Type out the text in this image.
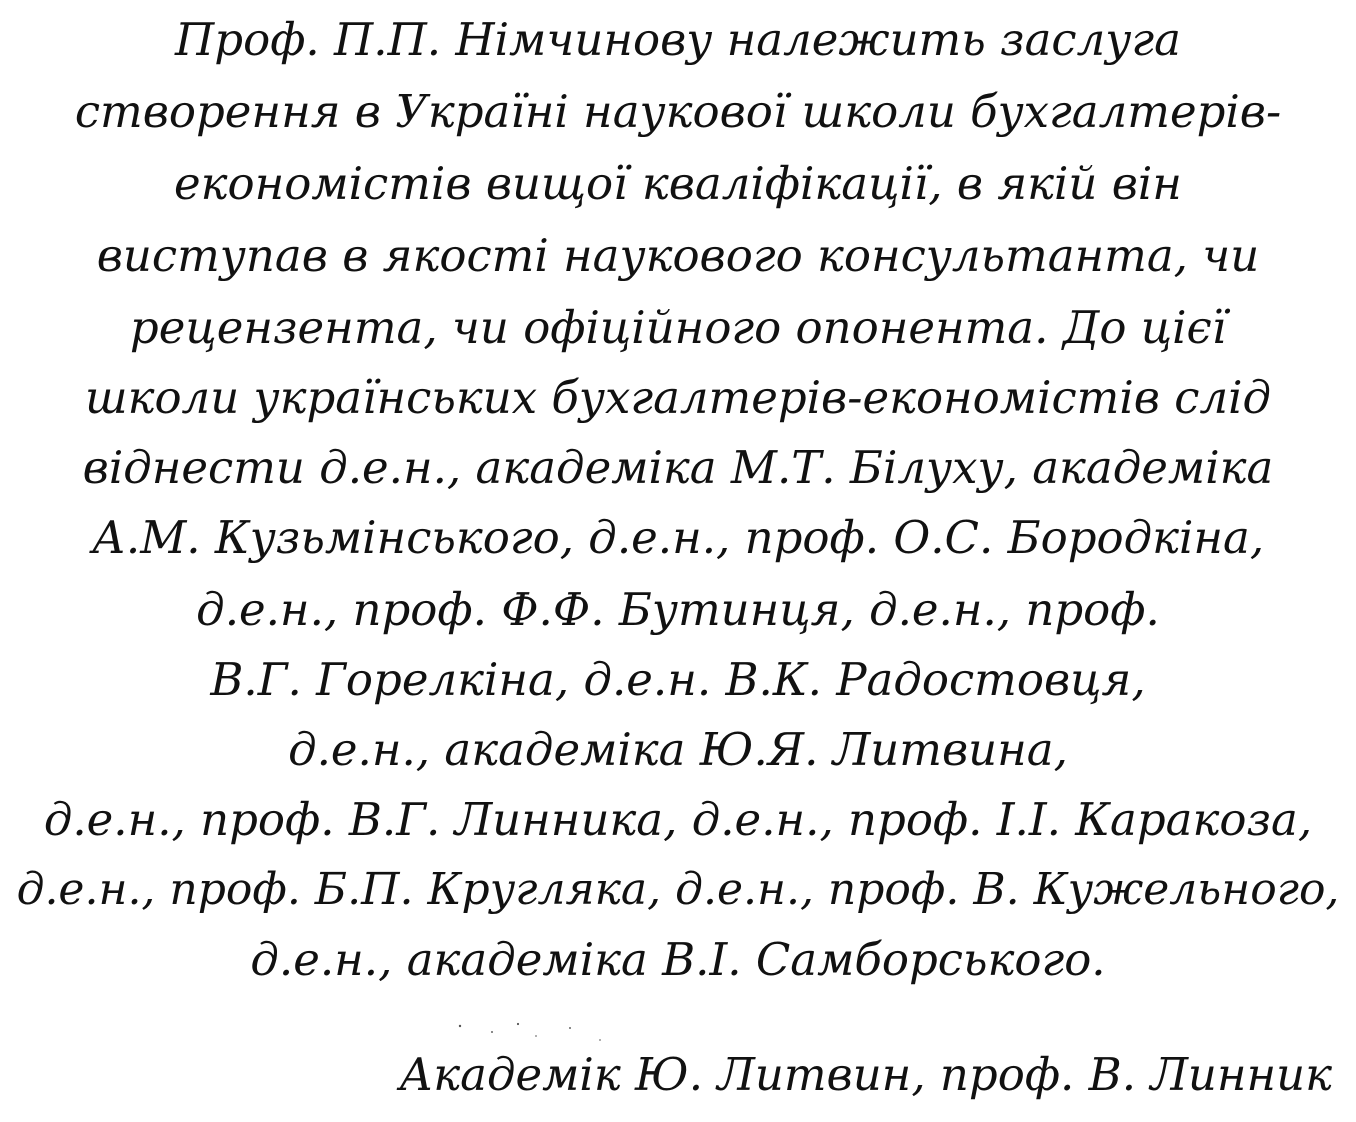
Проф. П.П. Німчинову належить заслуга
створення в Україні наукової школи бухгалтерів-
економістів вищої кваліфікації, в якій він
виступав в якості наукового консультанта, чи
рецензента, чи офіційного опонента. До цієї
школи українських бухгалтерів-економістів слід
віднести д.е.н., академіка М.Т. Білуху, академіка
А.М. Кузьмінського, д.е.н., проф. О.С. Бородкіна,
д.е.н., проф. Ф.Ф. Бутинця, д.е.н., проф.
В.Г. Горелкіна, д.е.н. В.К. Радостовця,
д.е.н., академіка Ю.Я. Литвина,
д.е.н., проф. В.Г. Линника, д.е.н., проф. І.І. Каракоза,
д.е.н., проф. Б.П. Кругляка, д.е.н., проф. В. Кужельного,
д.е.н., академіка В.І. Самборського.
Академік Ю. Литвин, проф. В. Линник
